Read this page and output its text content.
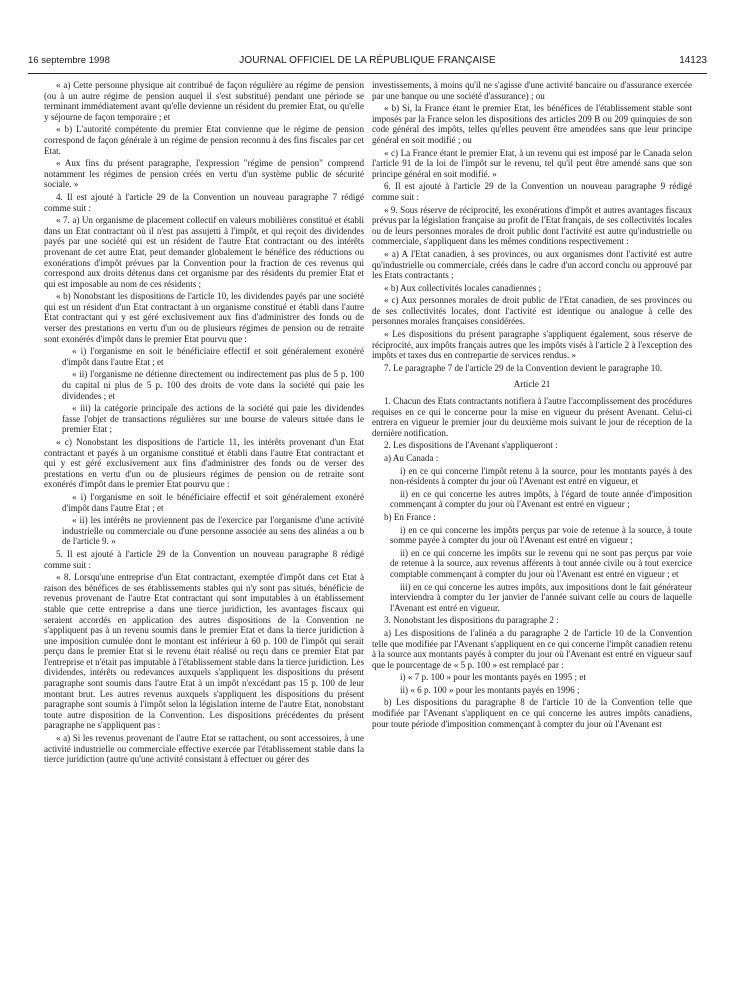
16 septembre 1998	JOURNAL OFFICIEL DE LA RÉPUBLIQUE FRANÇAISE	14123

« a) Cette personne physique ait contribué de façon régulière au régime de pension (ou à un autre régime de pension auquel il s'est substitué) pendant une période se terminant immédiatement avant qu'elle devienne un résident du premier Etat, ou qu'elle y séjourne de façon temporaire ; et

« b) L'autorité compétente du premier Etat convienne que le régime de pension correspond de façon générale à un régime de pension reconnu à des fins fiscales par cet Etat.

« Aux fins du présent paragraphe, l'expression "régime de pension" comprend notamment les régimes de pension créés en vertu d'un système public de sécurité sociale. »

4. Il est ajouté à l'article 29 de la Convention un nouveau paragraphe 7 rédigé comme suit :

« 7. a) Un organisme de placement collectif en valeurs mobilières constitué et établi dans un Etat contractant où il n'est pas assujetti à l'impôt, et qui reçoit des dividendes payés par une société qui est un résident de l'autre Etat contractant ou des intérêts provenant de cet autre Etat, peut demander globalement le bénéfice des réductions ou exonérations d'impôt prévues par la Convention pour la fraction de ces revenus qui correspond aux droits détenus dans cet organisme par des résidents du premier Etat et qui est imposable au nom de ces résidents ;

« b) Nonobstant les dispositions de l'article 10, les dividendes payés par une société qui est un résident d'un Etat contractant à un organisme constitué et établi dans l'autre Etat contractant qui y est géré exclusivement aux fins d'administrer des fonds ou de verser des prestations en vertu d'un ou de plusieurs régimes de pension ou de retraite sont exonérés d'impôt dans le premier Etat pourvu que :

« i) l'organisme en soit le bénéficiaire effectif et soit généralement exonéré d'impôt dans l'autre Etat ; et

« ii) l'organisme ne détienne directement ou indirectement pas plus de 5 p. 100 du capital ni plus de 5 p. 100 des droits de vote dans la société qui paie les dividendes ; et

« iii) la catégorie principale des actions de la société qui paie les dividendes fasse l'objet de transactions régulières sur une bourse de valeurs située dans le premier Etat ;

« c) Nonobstant les dispositions de l'article 11, les intérêts provenant d'un Etat contractant et payés à un organisme constitué et établi dans l'autre Etat contractant et qui y est géré exclusivement aux fins d'administrer des fonds ou de verser des prestations en vertu d'un ou de plusieurs régimes de pension ou de retraite sont exonérés d'impôt dans le premier Etat pourvu que :

« i) l'organisme en soit le bénéficiaire effectif et soit généralement exonéré d'impôt dans l'autre Etat ; et

« ii) les intérêts ne proviennent pas de l'exercice par l'organisme d'une activité industrielle ou commerciale ou d'une personne associée au sens des alinéas a ou b de l'article 9. »

5. Il est ajouté à l'article 29 de la Convention un nouveau paragraphe 8 rédigé comme suit :

« 8. Lorsqu'une entreprise d'un Etat contractant, exemptée d'impôt dans cet Etat à raison des bénéfices de ses établissements stables qui n'y sont pas situés, bénéficie de revenus provenant de l'autre Etat contractant qui sont imputables à un établissement stable que cette entreprise a dans une tierce juridiction, les avantages fiscaux qui seraient accordés en application des autres dispositions de la Convention ne s'appliquent pas à un revenu soumis dans le premier Etat et dans la tierce juridiction à une imposition cumulée dont le montant est inférieur à 60 p. 100 de l'impôt qui serait perçu dans le premier Etat si le revenu était réalisé ou reçu dans ce premier Etat par l'entreprise et n'était pas imputable à l'établissement stable dans la tierce juridiction. Les dividendes, intérêts ou redevances auxquels s'appliquent les dispositions du présent paragraphe sont soumis dans l'autre Etat à un impôt n'excédant pas 15 p. 100 de leur montant brut. Les autres revenus auxquels s'appliquent les dispositions du présent paragraphe sont soumis à l'impôt selon la législation interne de l'autre Etat, nonobstant toute autre disposition de la Convention. Les dispositions précédentes du présent paragraphe ne s'appliquent pas :

« a) Si les revenus provenant de l'autre Etat se rattachent, ou sont accessoires, à une activité industrielle ou commerciale effective exercée par l'établissement stable dans la tierce juridiction (autre qu'une activité consistant à effectuer ou gérer des

investissements, à moins qu'il ne s'agisse d'une activité bancaire ou d'assurance exercée par une banque ou une société d'assurance) ; ou

« b) Si, la France étant le premier Etat, les bénéfices de l'établissement stable sont imposés par la France selon les dispositions des articles 209 B ou 209 quinquies de son code général des impôts, telles qu'elles peuvent être amendées sans que leur principe général en soit modifié ; ou

« c) La France étant le premier Etat, à un revenu qui est imposé par le Canada selon l'article 91 de la loi de l'impôt sur le revenu, tel qu'il peut être amendé sans que son principe général en soit modifié. »

6. Il est ajouté à l'article 29 de la Convention un nouveau paragraphe 9 rédigé comme suit :

« 9. Sous réserve de réciprocité, les exonérations d'impôt et autres avantages fiscaux prévus par la législation française au profit de l'Etat français, de ses collectivités locales ou de leurs personnes morales de droit public dont l'activité est autre qu'industrielle ou commerciale, s'appliquent dans les mêmes conditions respectivement :

« a) A l'Etat canadien, à ses provinces, ou aux organismes dont l'activité est autre qu'industrielle ou commerciale, créés dans le cadre d'un accord conclu ou approuvé par les Etats contractants ;

« b) Aux collectivités locales canadiennes ;

« c) Aux personnes morales de droit public de l'Etat canadien, de ses provinces ou de ses collectivités locales, dont l'activité est identique ou analogue à celle des personnes morales françaises considérées.

« Les dispositions du présent paragraphe s'appliquent également, sous réserve de réciprocité, aux impôts français autres que les impôts visés à l'article 2 à l'exception des impôts et taxes dus en contrepartie de services rendus. »

7. Le paragraphe 7 de l'article 29 de la Convention devient le paragraphe 10.

Article 21

1. Chacun des Etats contractants notifiera à l'autre l'accomplissement des procédures requises en ce qui le concerne pour la mise en vigueur du présent Avenant. Celui-ci entrera en vigueur le premier jour du deuxième mois suivant le jour de réception de la dernière notification.

2. Les dispositions de l'Avenant s'appliqueront :

a) Au Canada :

i) en ce qui concerne l'impôt retenu à la source, pour les montants payés à des non-résidents à compter du jour où l'Avenant est entré en vigueur, et

ii) en ce qui concerne les autres impôts, à l'égard de toute année d'imposition commençant à compter du jour où l'Avenant est entré en vigueur ;

b) En France :

i) en ce qui concerne les impôts perçus par voie de retenue à la source, à toute somme payée à compter du jour où l'Avenant est entré en vigueur ;

ii) en ce qui concerne les impôts sur le revenu qui ne sont pas perçus par voie de retenue à la source, aux revenus afférents à tout année civile ou à tout exercice comptable commençant à compter du jour où l'Avenant est entré en vigueur ; et

iii) en ce qui concerne les autres impôts, aux impositions dont le fait générateur interviendra à compter du 1er janvier de l'année suivant celle au cours de laquelle l'Avenant est entré en vigueur.

3. Nonobstant les dispositions du paragraphe 2 :

a) Les dispositions de l'alinéa a du paragraphe 2 de l'article 10 de la Convention telle que modifiée par l'Avenant s'appliquent en ce qui concerne l'impôt canadien retenu à la source aux montants payés à compter du jour où l'Avenant est entré en vigueur sauf que le pourcentage de « 5 p. 100 » est remplacé par :

i) « 7 p. 100 » pour les montants payés en 1995 ; et

ii) « 6 p. 100 » pour les montants payés en 1996 ;

b) Les dispositions du paragraphe 8 de l'article 10 de la Convention telle que modifiée par l'Avenant s'appliquent en ce qui concerne les autres impôts canadiens, pour toute période d'imposition commençant à compter du jour où l'Avenant est
